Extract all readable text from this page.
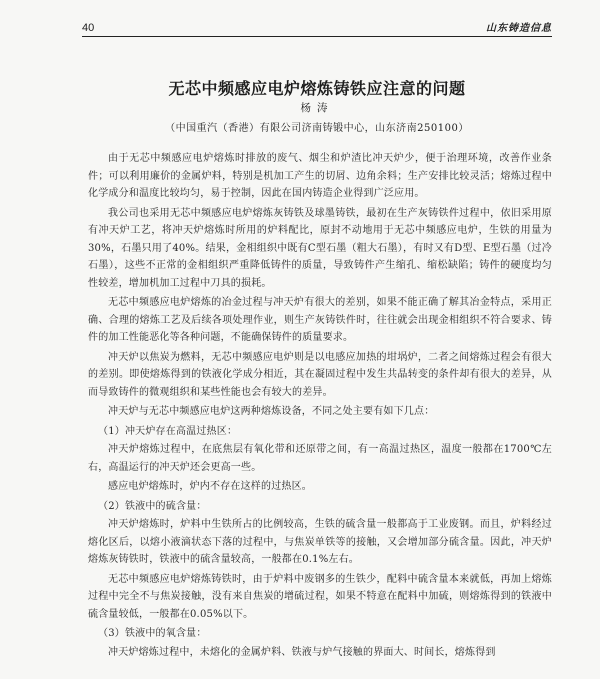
40	山东铸造信息
无芯中频感应电炉熔炼铸铁应注意的问题
杨涛
（中国重汽（香港）有限公司济南铸锻中心，山东济南250100）

由于无芯中频感应电炉熔炼时排放的废气、烟尘和炉渣比冲天炉少，便于治理环境，改善作业条件；可以利用廉价的金属炉料，特别是机加工产生的切屑、边角余料；生产安排比较灵活；熔炼过程中化学成分和温度比较均匀，易于控制，因此在国内铸造企业得到广泛应用。

我公司也采用无芯中频感应电炉熔炼灰铸铁及球墨铸铁，最初在生产灰铸铁件过程中，依旧采用原有冲天炉工艺，将冲天炉熔炼时所用的炉料配比，原封不动地用于无芯中频感应电炉，生铁的用量为30%，石墨只用了40%。结果，金相组织中既有C型石墨（粗大石墨），有时又有D型、E型石墨（过冷石墨），这些不正常的金相组织严重降低铸件的质量，导致铸件产生缩孔、缩松缺陷；铸件的硬度均匀性较差，增加机加工过程中刀具的损耗。

无芯中频感应电炉熔炼的冶金过程与冲天炉有很大的差别，如果不能正确了解其冶金特点，采用正确、合理的熔炼工艺及后续各项处理作业，则生产灰铸铁件时，往往就会出现金相组织不符合要求、铸件的加工性能恶化等各种问题，不能确保铸件的质量要求。

冲天炉以焦炭为燃料，无芯中频感应电炉则是以电感应加热的坩埚炉，二者之间熔炼过程会有很大的差别。即使熔炼得到的铁液化学成分相近，其在凝固过程中发生共晶转变的条件却有很大的差异，从而导致铸件的微观组织和某些性能也会有较大的差异。

冲天炉与无芯中频感应电炉这两种熔炼设备，不同之处主要有如下几点：

（1）冲天炉存在高温过热区：

冲天炉熔炼过程中，在底焦层有氧化带和还原带之间，有一高温过热区，温度一般都在1700℃左右，高温运行的冲天炉还会更高一些。

感应电炉熔炼时，炉内不存在这样的过热区。

（2）铁液中的硫含量：

冲天炉熔炼时，炉料中生铁所占的比例较高，生铁的硫含量一般都高于工业废钢。而且，炉料经过熔化区后，以熔小液滴状态下落的过程中，与焦炭单铁等的接触，又会增加部分硫含量。因此，冲天炉熔炼灰铸铁时，铁液中的硫含量较高，一般都在0.1%左右。

无芯中频感应电炉熔炼铸铁时，由于炉料中废钢多的生铁少，配料中硫含量本来就低，再加上熔炼过程中完全不与焦炭接触，没有来自焦炭的增硫过程，如果不特意在配料中加硫，则熔炼得到的铁液中硫含量较低，一般都在0.05%以下。

（3）铁液中的氧含量：

冲天炉熔炼过程中，未熔化的金属炉料、铁液与炉气接触的界面大、时间长，熔炼得到
